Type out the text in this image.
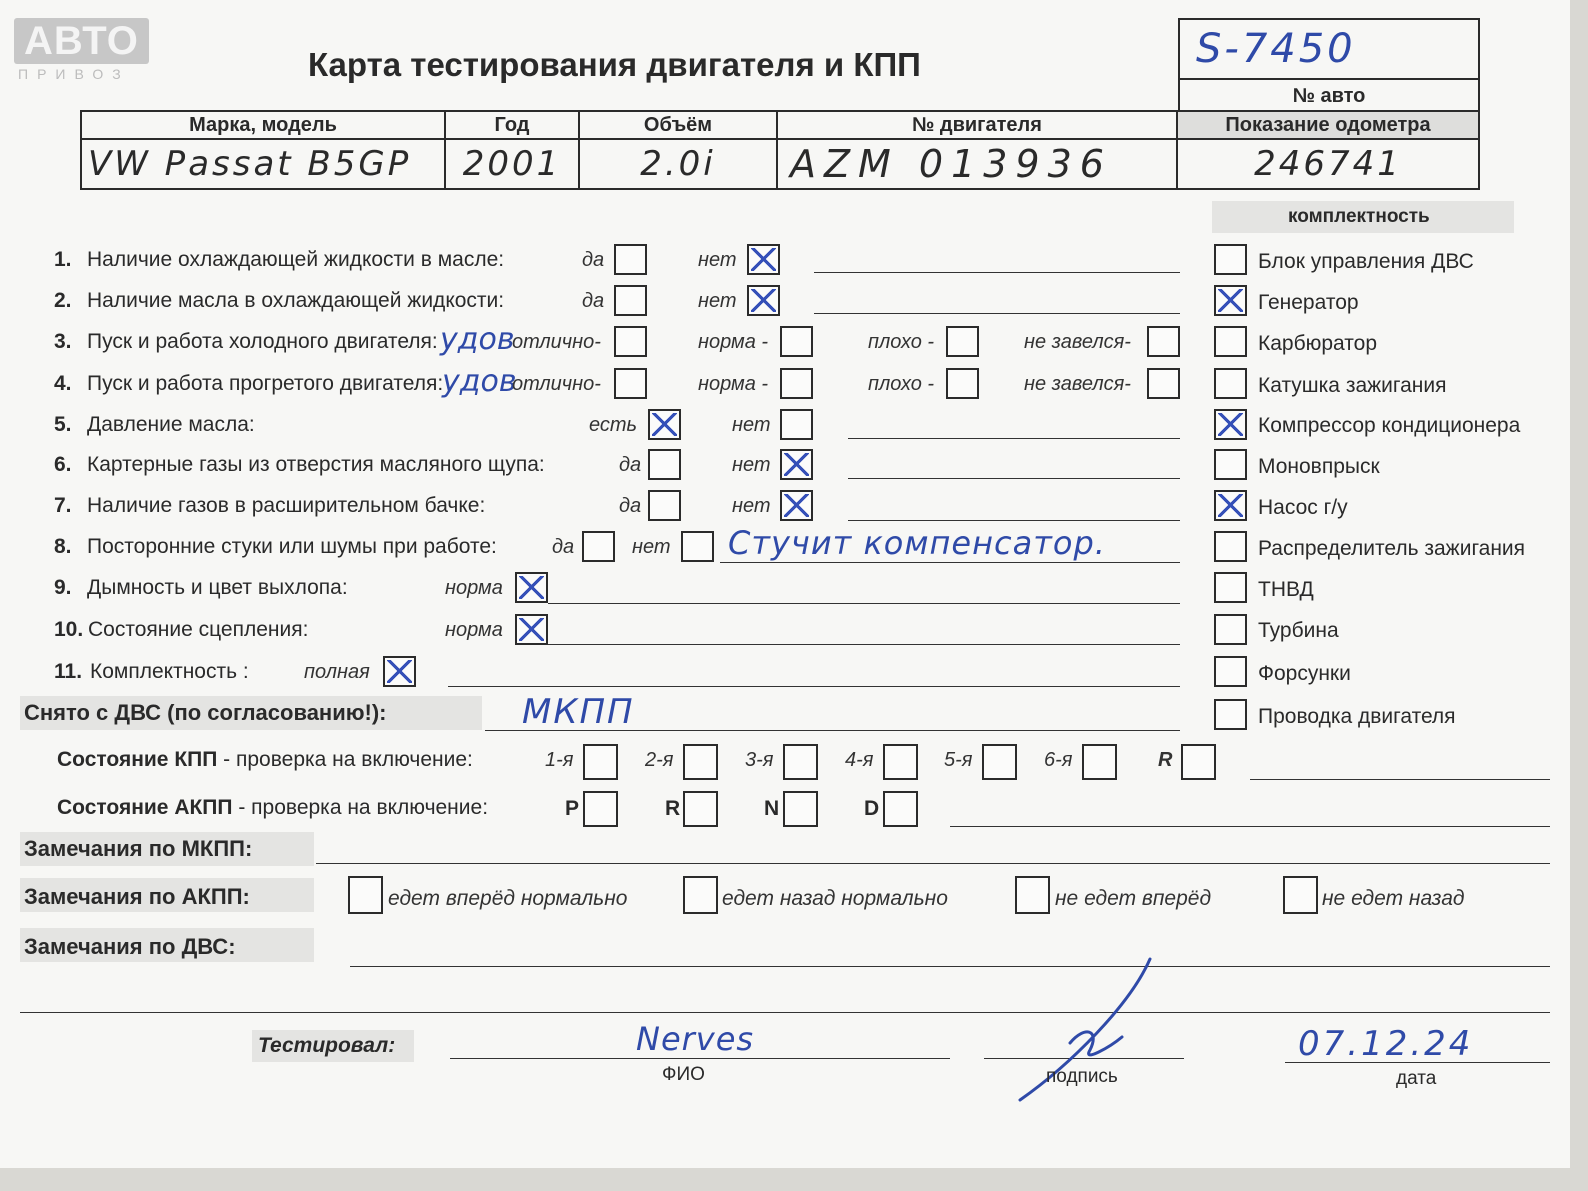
АВТО
ПРИВОЗ	Карта тестирования двигателя и КПП	S-7450
№ авто
Марка, модель	Год	Объём	№ двигателя	Показание одометра
VW Passat B5GP	2001	2.0i	AZM 013936	246741
комплектность
1. Наличие охлаждающей жидкости в масле:	да	нет
2. Наличие масла в охлаждающей жидкости:	да	нет
3. Пуск и работа холодного двигателя: удов
отлично-	норма -	плохо -	не завелся-
4. Пуск и работа прогретого двигателя:
удов
отлично-	норма -	плохо -	не завелся-
5. Давление масла:	есть	нет
6. Картерные газы из отверстия масляного щупа:	да	нет
7. Наличие газов в расширительном бачке:	да	нет
8. Посторонние стуки или шумы при работе:	да	нет Стучит компенсатор.
9. Дымность и цвет выхлопа:	норма
10. Состояние сцепления:	норма
11. Комплектность :	полная
Блок управления ДВС
Генератор
Карбюратор
Катушка зажигания
Компрессор кондиционера
Моновпрыск
Насос г/у
Распределитель зажигания
ТНВД
Турбина
Форсунки
Проводка двигателя
Снято с ДВС (по согласованию!):	МКПП
Состояние КПП - проверка на включение:	1-я	2-я	3-я	4-я	5-я	6-я	R
Состояние АКПП - проверка на включение:	P	R	N	D
Замечания по МКПП:
Замечания по АКПП:	едет вперёд нормально	едет назад нормально	не едет вперёд	не едет назад
Замечания по ДВС:
Тестировал:	Nerves
ФИО	подпись
07.12.24
дата
